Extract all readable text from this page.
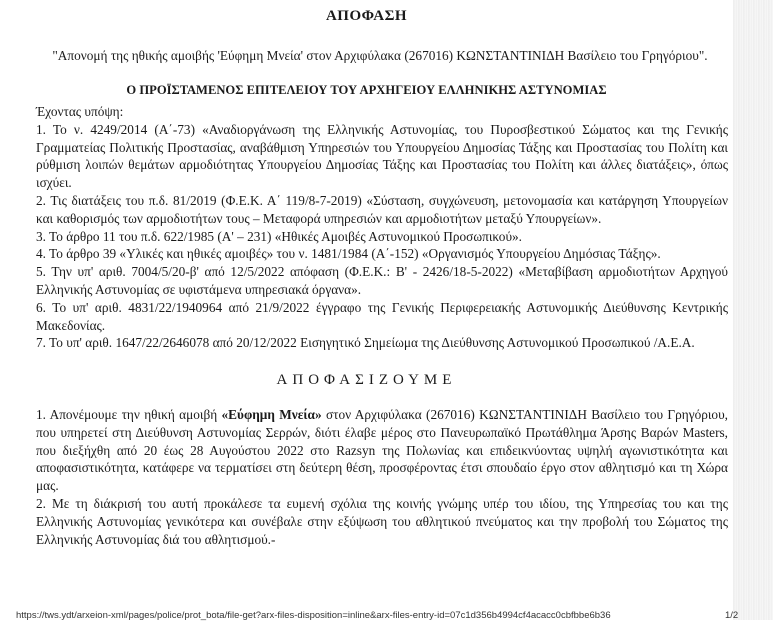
ΑΠΟΦΑΣΗ
"Απονομή της ηθικής αμοιβής 'Εύφημη Μνεία' στον Αρχιφύλακα (267016) ΚΩΝΣΤΑΝΤΙΝΙΔΗ Βασίλειο του Γρηγόριου".
Ο ΠΡΟΪΣΤΑΜΕΝΟΣ ΕΠΙΤΕΛΕΙΟΥ ΤΟΥ ΑΡΧΗΓΕΙΟΥ ΕΛΛΗΝΙΚΗΣ ΑΣΤΥΝΟΜΙΑΣ

Έχοντας υπόψη:

1. Το ν. 4249/2014 (Α΄-73) «Αναδιοργάνωση της Ελληνικής Αστυνομίας, του Πυροσβεστικού Σώματος και της Γενικής Γραμματείας Πολιτικής Προστασίας, αναβάθμιση Υπηρεσιών του Υπουργείου Δημοσίας Τάξης και Προστασίας του Πολίτη και ρύθμιση λοιπών θεμάτων αρμοδιότητας Υπουργείου Δημοσίας Τάξης και Προστασίας του Πολίτη και άλλες διατάξεις», όπως ισχύει.

2. Τις διατάξεις του π.δ. 81/2019 (Φ.Ε.Κ. Α΄ 119/8-7-2019) «Σύσταση, συγχώνευση, μετονομασία και κατάργηση Υπουργείων και καθορισμός των αρμοδιοτήτων τους – Μεταφορά υπηρεσιών και αρμοδιοτήτων μεταξύ Υπουργείων».

3. Το άρθρο 11 του π.δ. 622/1985 (Α' – 231) «Ηθικές Αμοιβές Αστυνομικού Προσωπικού».

4. Το άρθρο 39 «Υλικές και ηθικές αμοιβές» του ν. 1481/1984 (Α΄-152) «Οργανισμός Υπουργείου Δημόσιας Τάξης».

5. Την υπ' αριθ. 7004/5/20-β' από 12/5/2022 απόφαση (Φ.Ε.Κ.: Β' - 2426/18-5-2022) «Μεταβίβαση αρμοδιοτήτων Αρχηγού Ελληνικής Αστυνομίας σε υφιστάμενα υπηρεσιακά όργανα».

6. Το υπ' αριθ. 4831/22/1940964 από 21/9/2022 έγγραφο της Γενικής Περιφερειακής Αστυνομικής Διεύθυνσης Κεντρικής Μακεδονίας.

7. Το υπ' αριθ. 1647/22/2646078 από 20/12/2022 Εισηγητικό Σημείωμα της Διεύθυνσης Αστυνομικού Προσωπικού /Α.Ε.Α.

ΑΠΟΦΑΣΙΖΟΥΜΕ

1. Απονέμουμε την ηθική αμοιβή «Εύφημη Μνεία» στον Αρχιφύλακα (267016) ΚΩΝΣΤΑΝΤΙΝΙΔΗ Βασίλειο του Γρηγόριου, που υπηρετεί στη Διεύθυνση Αστυνομίας Σερρών, διότι έλαβε μέρος στο Πανευρωπαϊκό Πρωτάθλημα Άρσης Βαρών Masters, που διεξήχθη από 20 έως 28 Αυγούστου 2022 στο Razsyn της Πολωνίας και επιδεικνύοντας υψηλή αγωνιστικότητα και αποφασιστικότητα, κατάφερε να τερματίσει στη δεύτερη θέση, προσφέροντας έτσι σπουδαίο έργο στον αθλητισμό και τη Χώρα μας.

2. Με τη διάκρισή του αυτή προκάλεσε τα ευμενή σχόλια της κοινής γνώμης υπέρ του ιδίου, της Υπηρεσίας του και της Ελληνικής Αστυνομίας γενικότερα και συνέβαλε στην εξύψωση του αθλητικού πνεύματος και την προβολή του Σώματος της Ελληνικής Αστυνομίας διά του αθλητισμού.-

https://tws.ydt/arxeion-xml/pages/police/prot_bota/file-get?arx-files-disposition=inline&arx-files-entry-id=07c1d356b4994cf4acacc0cbfbbe6b36	1/2
